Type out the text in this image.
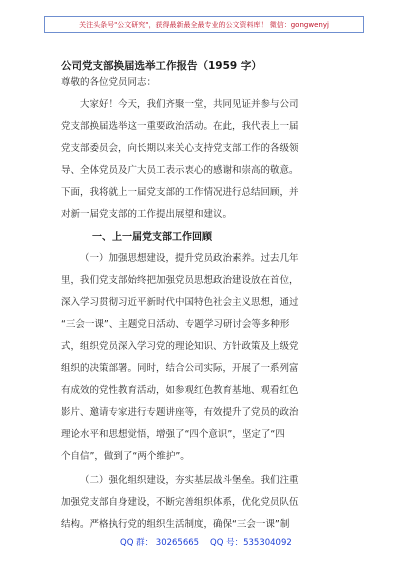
关注头条号"公文研究"，获得最新最全最专业的公文资料库！ 微信：gongwenyj
公司党支部换届选举工作报告（1959 字）
尊敬的各位党员同志：
大家好！今天，我们齐聚一堂，共同见证并参与公司
党支部换届选举这一重要政治活动。在此，我代表上一届
党支部委员会，向长期以来关心支持党支部工作的各级领
导、全体党员及广大员工表示衷心的感谢和崇高的敬意。
下面，我将就上一届党支部的工作情况进行总结回顾，并
对新一届党支部的工作提出展望和建议。
一、上一届党支部工作回顾
（一）加强思想建设，提升党员政治素养。过去几年
里，我们党支部始终把加强党员思想政治建设放在首位，
深入学习贯彻习近平新时代中国特色社会主义思想，通过
“三会一课”、主题党日活动、专题学习研讨会等多种形
式，组织党员深入学习党的理论知识、方针政策及上级党
组织的决策部署。同时，结合公司实际，开展了一系列富
有成效的党性教育活动，如参观红色教育基地、观看红色
影片、邀请专家进行专题讲座等，有效提升了党员的政治
理论水平和思想觉悟，增强了“四个意识”，坚定了“四
个自信”，做到了“两个维护”。
（二）强化组织建设，夯实基层战斗堡垒。我们注重
加强党支部自身建设，不断完善组织体系，优化党员队伍
结构。严格执行党的组织生活制度，确保“三会一课”制
QQ 群： 30265665 QQ 号：535304092
